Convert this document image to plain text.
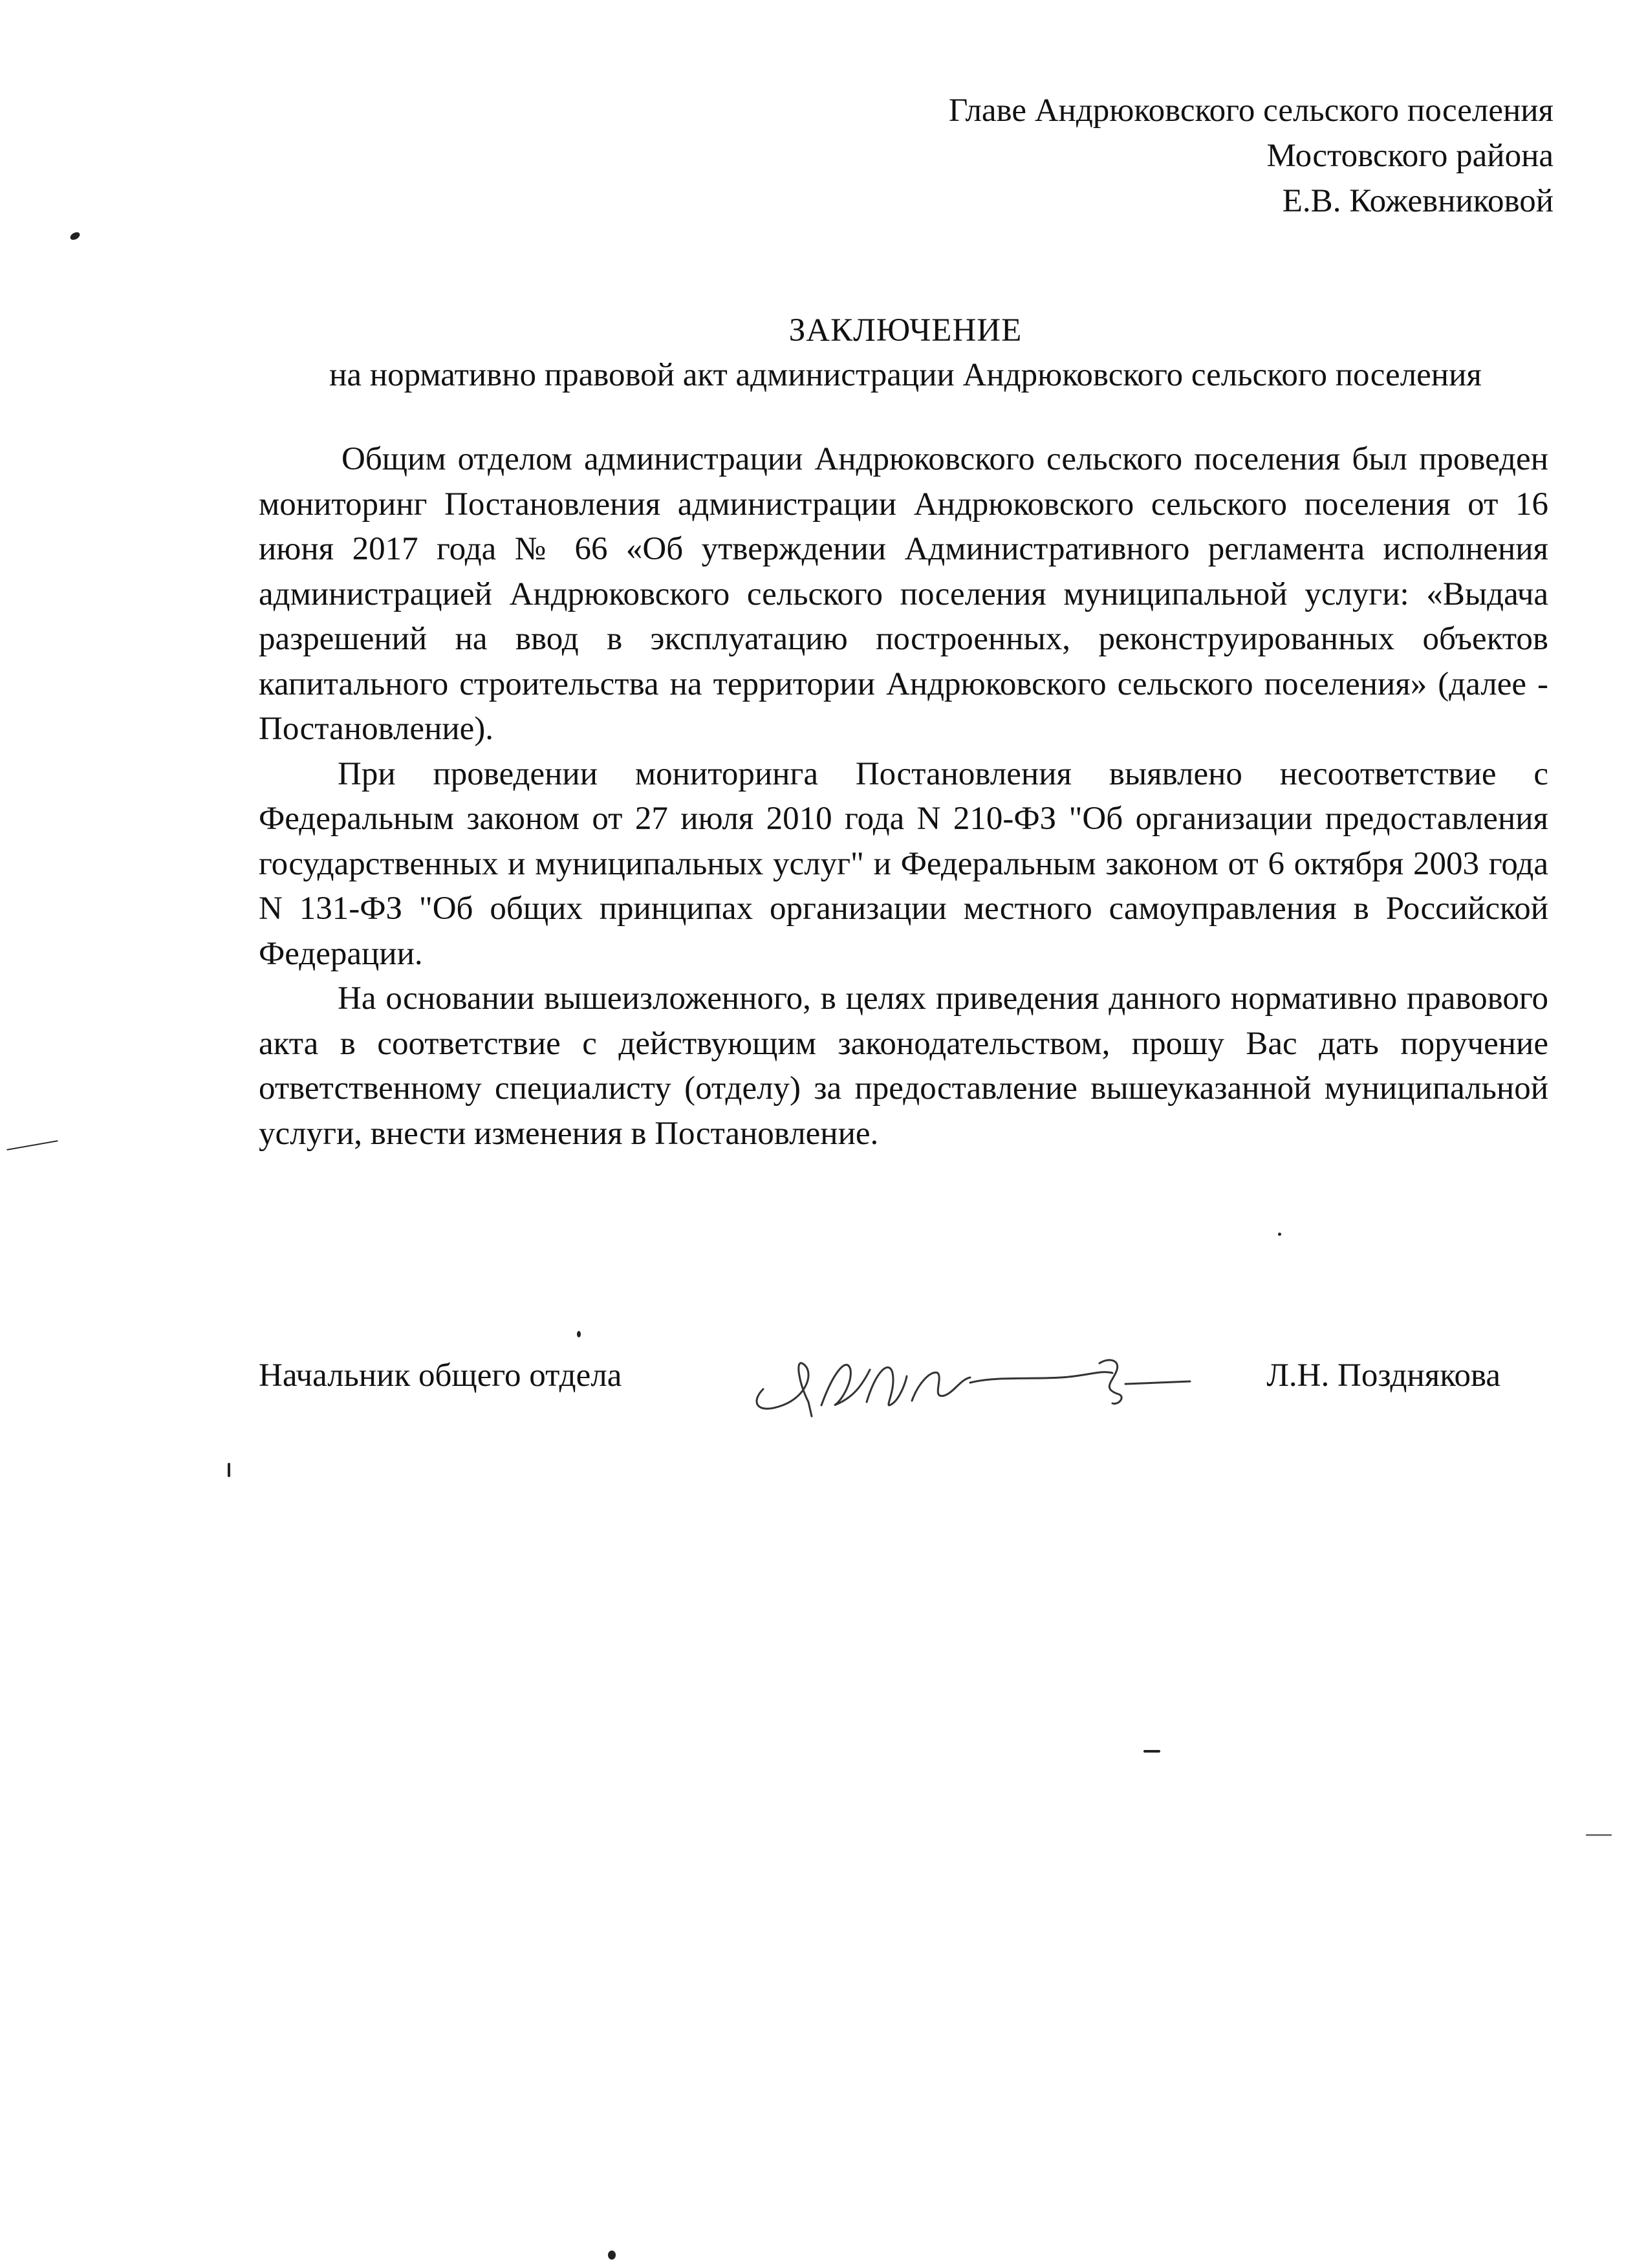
Главе Андрюковского сельского поселения
Мостовского района
Е.В. Кожевниковой
ЗАКЛЮЧЕНИЕ
на нормативно правовой акт администрации Андрюковского сельского поселения

Общим отделом администрации Андрюковского сельского поселения был проведен мониторинг Постановления администрации Андрюковского сельского поселения от 16 июня 2017 года № 66 «Об утверждении Административного регламента исполнения администрацией Андрюковского сельского поселения муниципальной услуги: «Выдача разрешений на ввод в эксплуатацию построенных, реконструированных объектов капитального строительства на территории Андрюковского сельского поселения» (далее - Постановление).

При проведении мониторинга Постановления выявлено несоответствие с Федеральным законом от 27 июля 2010 года N 210-ФЗ "Об организации предоставления государственных и муниципальных услуг" и Федеральным законом от 6 октября 2003 года N 131-ФЗ "Об общих принципах организации местного самоуправления в Российской Федерации.

На основании вышеизложенного, в целях приведения данного нормативно правового акта в соответствие с действующим законодательством, прошу Вас дать поручение ответственному специалисту (отделу) за предоставление вышеуказанной муниципальной услуги, внести изменения в Постановление.

Начальник общего отдела	Л.Н. Позднякова
